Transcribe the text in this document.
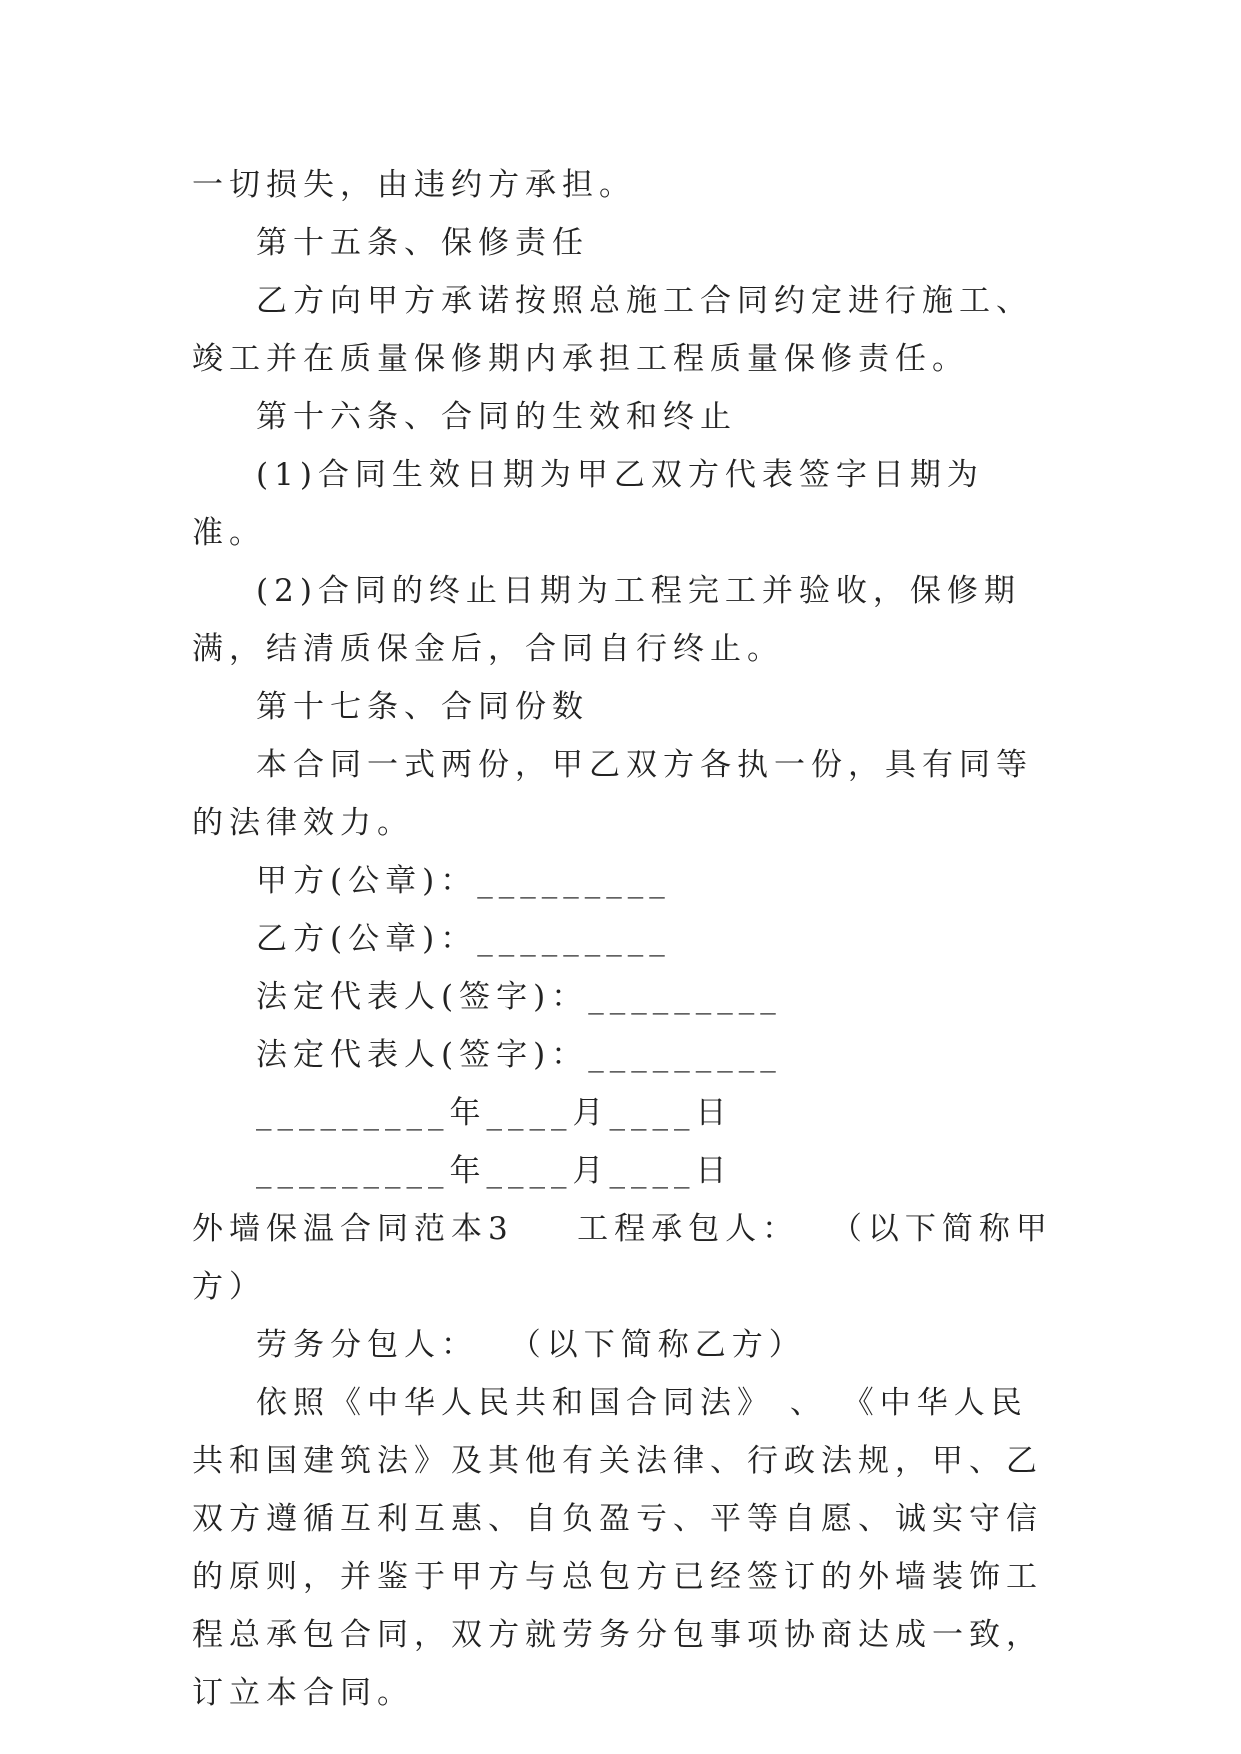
一切损失，由违约方承担。

第十五条、保修责任

乙方向甲方承诺按照总施工合同约定进行施工、竣工并在质量保修期内承担工程质量保修责任。

第十六条、合同的生效和终止

(1)合同生效日期为甲乙双方代表签字日期为准。

(2)合同的终止日期为工程完工并验收，保修期满，结清质保金后，合同自行终止。

第十七条、合同份数

本合同一式两份，甲乙双方各执一份，具有同等的法律效力。

甲方(公章)：_________

乙方(公章)：_________

法定代表人(签字)：_________

法定代表人(签字)：_________

_________年____月____日

_________年____月____日

外墙保温合同范本3    工程承包人：  （以下简称甲方）

劳务分包人：  （以下简称乙方）

依照《中华人民共和国合同法》 、 《中华人民共和国建筑法》及其他有关法律、行政法规，甲、乙双方遵循互利互惠、自负盈亏、平等自愿、诚实守信的原则，并鉴于甲方与总包方已经签订的外墙装饰工程总承包合同，双方就劳务分包事项协商达成一致，订立本合同。
